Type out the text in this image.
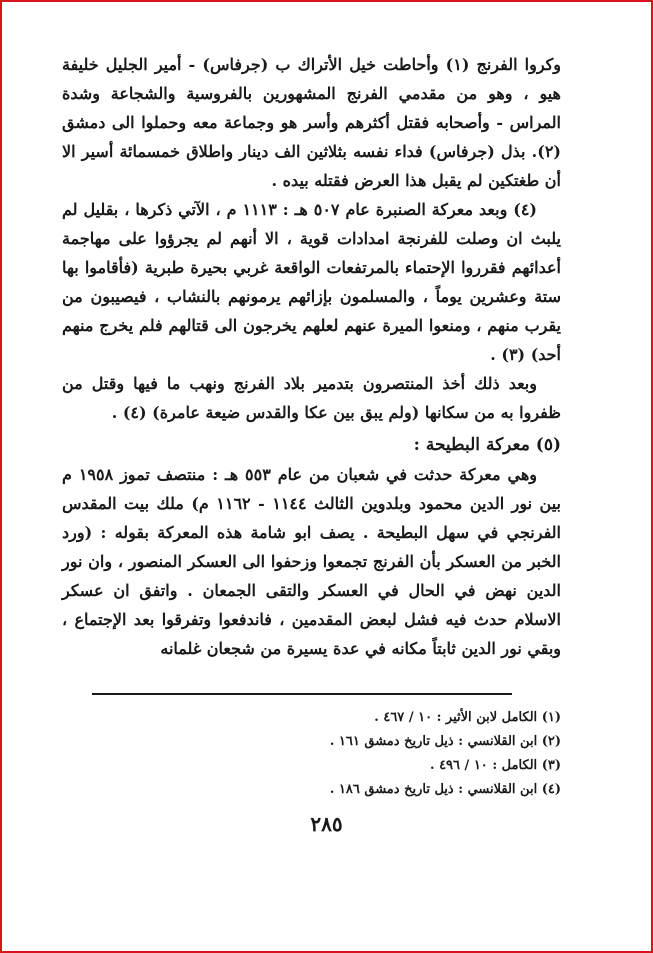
وكروا الفرنج (١) وأحاطت خيل الأتراك ب (جرفاس) - أمير الجليل خليفة هيو ، وهو من مقدمي الفرنج المشهورين بالفروسية والشجاعة وشدة المراس - وأصحابه فقتل أكثرهم وأسر هو وجماعة معه وحملوا الى دمشق (٢). بذل (جرفاس) فداء نفسه بثلاثين الف دينار واطلاق خمسمائة أسير الا أن طغتكين لم يقبل هذا العرض فقتله بيده .

(٤) وبعد معركة الصنبرة عام ٥٠٧ هـ : ١١١٣ م ، الآتي ذكرها ، بقليل لم يلبث ان وصلت للفرنجة امدادات قوية ، الا أنهم لم يجرؤوا على مهاجمة أعدائهم فقرروا الإحتماء بالمرتفعات الواقعة غربي بحيرة طبرية (فأقاموا بها ستة وعشرين يوماً ، والمسلمون بإزائهم يرمونهم بالنشاب ، فيصيبون من يقرب منهم ، ومنعوا الميرة عنهم لعلهم يخرجون الى قتالهم فلم يخرج منهم أحد) (٣) .

وبعد ذلك أخذ المنتصرون بتدمير بلاد الفرنج ونهب ما فيها وقتل من ظفروا به من سكانها (ولم يبق بين عكا والقدس ضيعة عامرة) (٤) .

(٥) معركة البطيحة :

وهي معركة حدثت في شعبان من عام ٥٥٣ هـ : منتصف تموز ١٩٥٨ م بين نور الدين محمود وبلدوين الثالث ١١٤٤ - ١١٦٢ م) ملك بيت المقدس الفرنجي في سهل البطيحة . يصف ابو شامة هذه المعركة بقوله : (ورد الخبر من العسكر بأن الفرنج تجمعوا وزحفوا الى العسكر المنصور ، وان نور الدين نهض في الحال في العسكر والتقى الجمعان . واتفق ان عسكر الاسلام حدث فيه فشل لبعض المقدمين ، فاندفعوا وتفرقوا بعد الإجتماع ، وبقي نور الدين ثابتاً مكانه في عدة يسيرة من شجعان غلمانه

(١) الكامل لابن الأثير : ١٠ / ٤٦٧ .
(٢) ابن القلانسي : ذيل تاريخ دمشق ١٦١ .
(٣) الكامل : ١٠ / ٤٩٦ .
(٤) ابن القلانسي : ذيل تاريخ دمشق ١٨٦ .
٢٨٥
